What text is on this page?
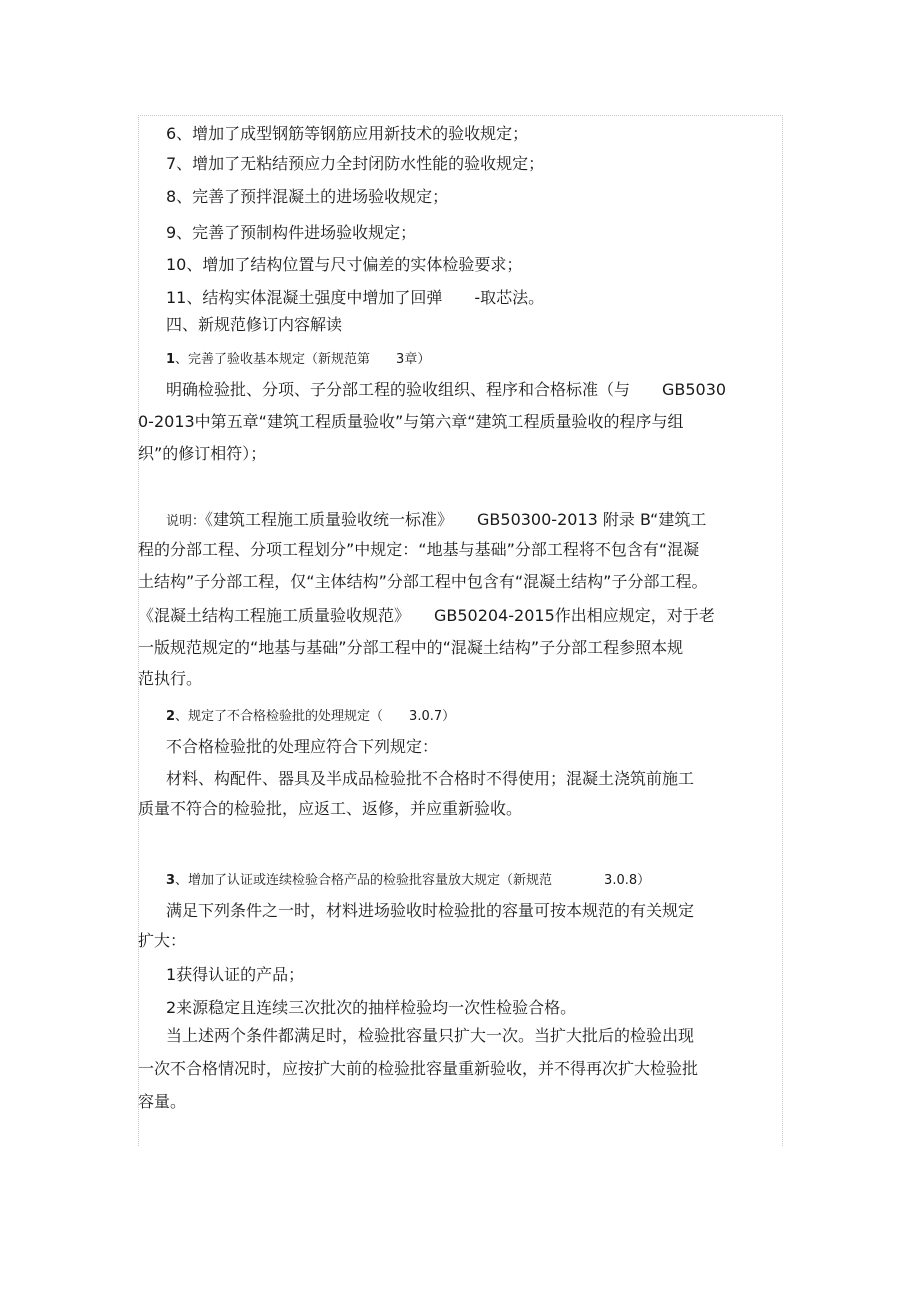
6、增加了成型钢筋等钢筋应用新技术的验收规定；
7、增加了无粘结预应力全封闭防水性能的验收规定；
8、完善了预拌混凝土的进场验收规定；
9、完善了预制构件进场验收规定；
10、增加了结构位置与尺寸偏差的实体检验要求；
11、结构实体混凝土强度中增加了回弹　　-取芯法。
四、新规范修订内容解读
1、完善了验收基本规定（新规范第　　3章）
明确检验批、分项、子分部工程的验收组织、程序和合格标准（与　　GB5030
0-2013中第五章“建筑工程质量验收”与第六章“建筑工程质量验收的程序与组
织”的修订相符）；
说明：《建筑工程施工质量验收统一标准》　　GB50300-2013 附录 B“建筑工
程的分部工程、分项工程划分”中规定：“地基与基础”分部工程将不包含有“混凝
土结构”子分部工程，仅“主体结构”分部工程中包含有“混凝土结构”子分部工程。
《混凝土结构工程施工质量验收规范》　　GB50204-2015作出相应规定，对于老
一版规范规定的“地基与基础”分部工程中的“混凝土结构”子分部工程参照本规
范执行。
2、规定了不合格检验批的处理规定（　　3.0.7）
不合格检验批的处理应符合下列规定：
材料、构配件、器具及半成品检验批不合格时不得使用；混凝土浇筑前施工
质量不符合的检验批，应返工、返修，并应重新验收。
3、增加了认证或连续检验合格产品的检验批容量放大规定（新规范　　　　3.0.8）
满足下列条件之一时，材料进场验收时检验批的容量可按本规范的有关规定
扩大：
1获得认证的产品；
2来源稳定且连续三次批次的抽样检验均一次性检验合格。
当上述两个条件都满足时，检验批容量只扩大一次。当扩大批后的检验出现
一次不合格情况时，应按扩大前的检验批容量重新验收，并不得再次扩大检验批
容量。
